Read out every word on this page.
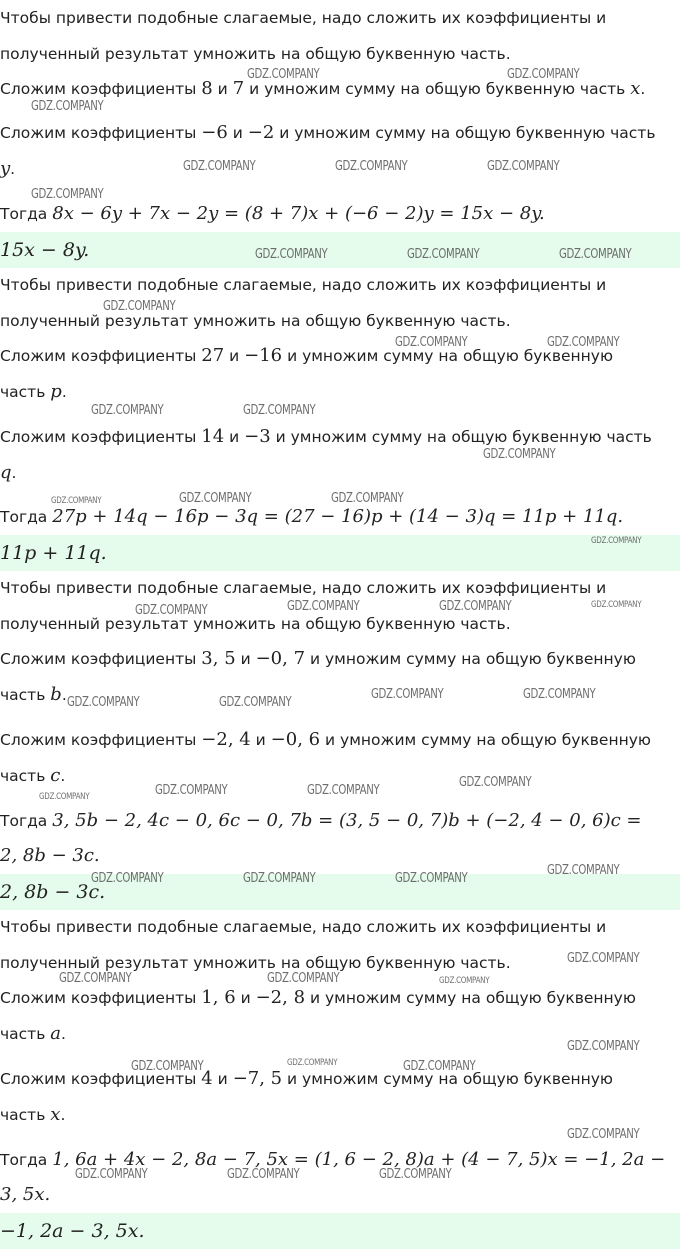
Чтобы привести подобные слагаемые, надо сложить их коэффициенты и
полученный результат умножить на общую буквенную часть.
Сложим коэффициенты 8 и 7 и умножим сумму на общую буквенную часть x.
Сложим коэффициенты −6 и −2 и умножим сумму на общую буквенную часть
y.
Тогда 8x − 6y + 7x − 2y = (8 + 7)x + (−6 − 2)y = 15x − 8y.
15x − 8y.
Чтобы привести подобные слагаемые, надо сложить их коэффициенты и
полученный результат умножить на общую буквенную часть.
Сложим коэффициенты 27 и −16 и умножим сумму на общую буквенную
часть p.
Сложим коэффициенты 14 и −3 и умножим сумму на общую буквенную часть
q.
Тогда 27p + 14q − 16p − 3q = (27 − 16)p + (14 − 3)q = 11p + 11q.
11p + 11q.
Чтобы привести подобные слагаемые, надо сложить их коэффициенты и
полученный результат умножить на общую буквенную часть.
Сложим коэффициенты 3, 5 и −0, 7 и умножим сумму на общую буквенную
часть b.
Сложим коэффициенты −2, 4 и −0, 6 и умножим сумму на общую буквенную
часть c.
Тогда 3, 5b − 2, 4c − 0, 6c − 0, 7b = (3, 5 − 0, 7)b + (−2, 4 − 0, 6)c =
2, 8b − 3c.
2, 8b − 3c.
Чтобы привести подобные слагаемые, надо сложить их коэффициенты и
полученный результат умножить на общую буквенную часть.
Сложим коэффициенты 1, 6 и −2, 8 и умножим сумму на общую буквенную
часть a.
Сложим коэффициенты 4 и −7, 5 и умножим сумму на общую буквенную
часть x.
Тогда 1, 6a + 4x − 2, 8a − 7, 5x = (1, 6 − 2, 8)a + (4 − 7, 5)x = −1, 2a −
3, 5x.
−1, 2a − 3, 5x.
GDZ.COMPANY	GDZ.COMPANY
GDZ.COMPANY
GDZ.COMPANY	GDZ.COMPANY	GDZ.COMPANY
GDZ.COMPANY
GDZ.COMPANY	GDZ.COMPANY	GDZ.COMPANY
GDZ.COMPANY
GDZ.COMPANY	GDZ.COMPANY
GDZ.COMPANY	GDZ.COMPANY
GDZ.COMPANY
GDZ.COMPANY	GDZ.COMPANY	GDZ.COMPANY
GDZ.COMPANY
GDZ.COMPANY	GDZ.COMPANY	GDZ.COMPANY	GDZ.COMPANY
GDZ.COMPANY	GDZ.COMPANY
GDZ.COMPANY	GDZ.COMPANY
GDZ.COMPANY	GDZ.COMPANY	GDZ.COMPANY
GDZ.COMPANY
GDZ.COMPANY	GDZ.COMPANY	GDZ.COMPANY
GDZ.COMPANY
GDZ.COMPANY
GDZ.COMPANY	GDZ.COMPANY	GDZ.COMPANY
GDZ.COMPANY
GDZ.COMPANY	GDZ.COMPANY	GDZ.COMPANY
GDZ.COMPANY
GDZ.COMPANY	GDZ.COMPANY	GDZ.COMPANY
